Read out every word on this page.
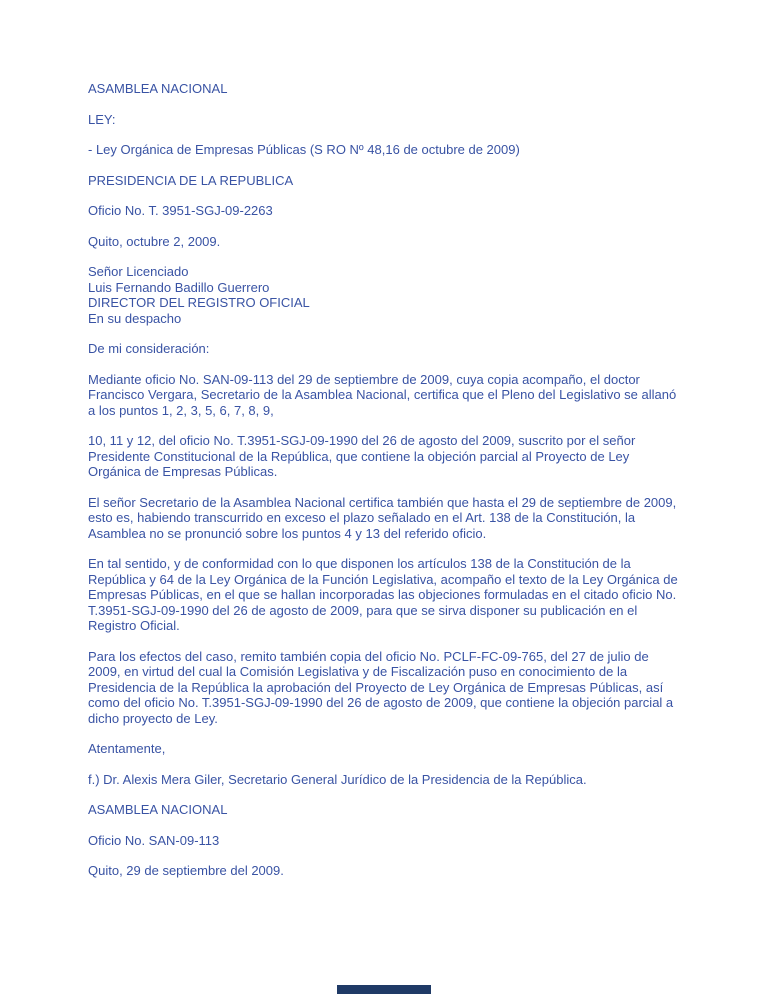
ASAMBLEA NACIONAL

LEY:

- Ley Orgánica de Empresas Públicas (S RO Nº 48,16 de octubre de 2009)

PRESIDENCIA DE LA REPUBLICA

Oficio No. T. 3951-SGJ-09-2263

Quito, octubre 2, 2009.

Señor Licenciado
Luis Fernando Badillo Guerrero
DIRECTOR DEL REGISTRO OFICIAL
En su despacho

De mi consideración:

Mediante oficio No. SAN-09-113 del 29 de septiembre de 2009, cuya copia acompaño, el doctor Francisco Vergara, Secretario de la Asamblea Nacional, certifica que el Pleno del Legislativo se allanó a los puntos 1, 2, 3, 5, 6, 7, 8, 9,

10, 11 y 12, del oficio No. T.3951-SGJ-09-1990 del 26 de agosto del 2009, suscrito por el señor Presidente Constitucional de la República, que contiene la objeción parcial al Proyecto de Ley Orgánica de Empresas Públicas.

El señor Secretario de la Asamblea Nacional certifica también que hasta el 29 de septiembre de 2009, esto es, habiendo transcurrido en exceso el plazo señalado en el Art. 138 de la Constitución, la Asamblea no se pronunció sobre los puntos 4 y 13 del referido oficio.

En tal sentido, y de conformidad con lo que disponen los artículos 138 de la Constitución de la República y 64 de la Ley Orgánica de la Función Legislativa, acompaño el texto de la Ley Orgánica de Empresas Públicas, en el que se hallan incorporadas las objeciones formuladas en el citado oficio No. T.3951-SGJ-09-1990 del 26 de agosto de 2009, para que se sirva disponer su publicación en el Registro Oficial.

Para los efectos del caso, remito también copia del oficio No. PCLF-FC-09-765, del 27 de julio de 2009, en virtud del cual la Comisión Legislativa y de Fiscalización puso en conocimiento de la Presidencia de la República la aprobación del Proyecto de Ley Orgánica de Empresas Públicas, así como del oficio No. T.3951-SGJ-09-1990 del 26 de agosto de 2009, que contiene la objeción parcial a dicho proyecto de Ley.

Atentamente,

f.) Dr. Alexis Mera Giler, Secretario General Jurídico de la Presidencia de la República.

ASAMBLEA NACIONAL

Oficio No. SAN-09-113

Quito, 29 de septiembre del 2009.
